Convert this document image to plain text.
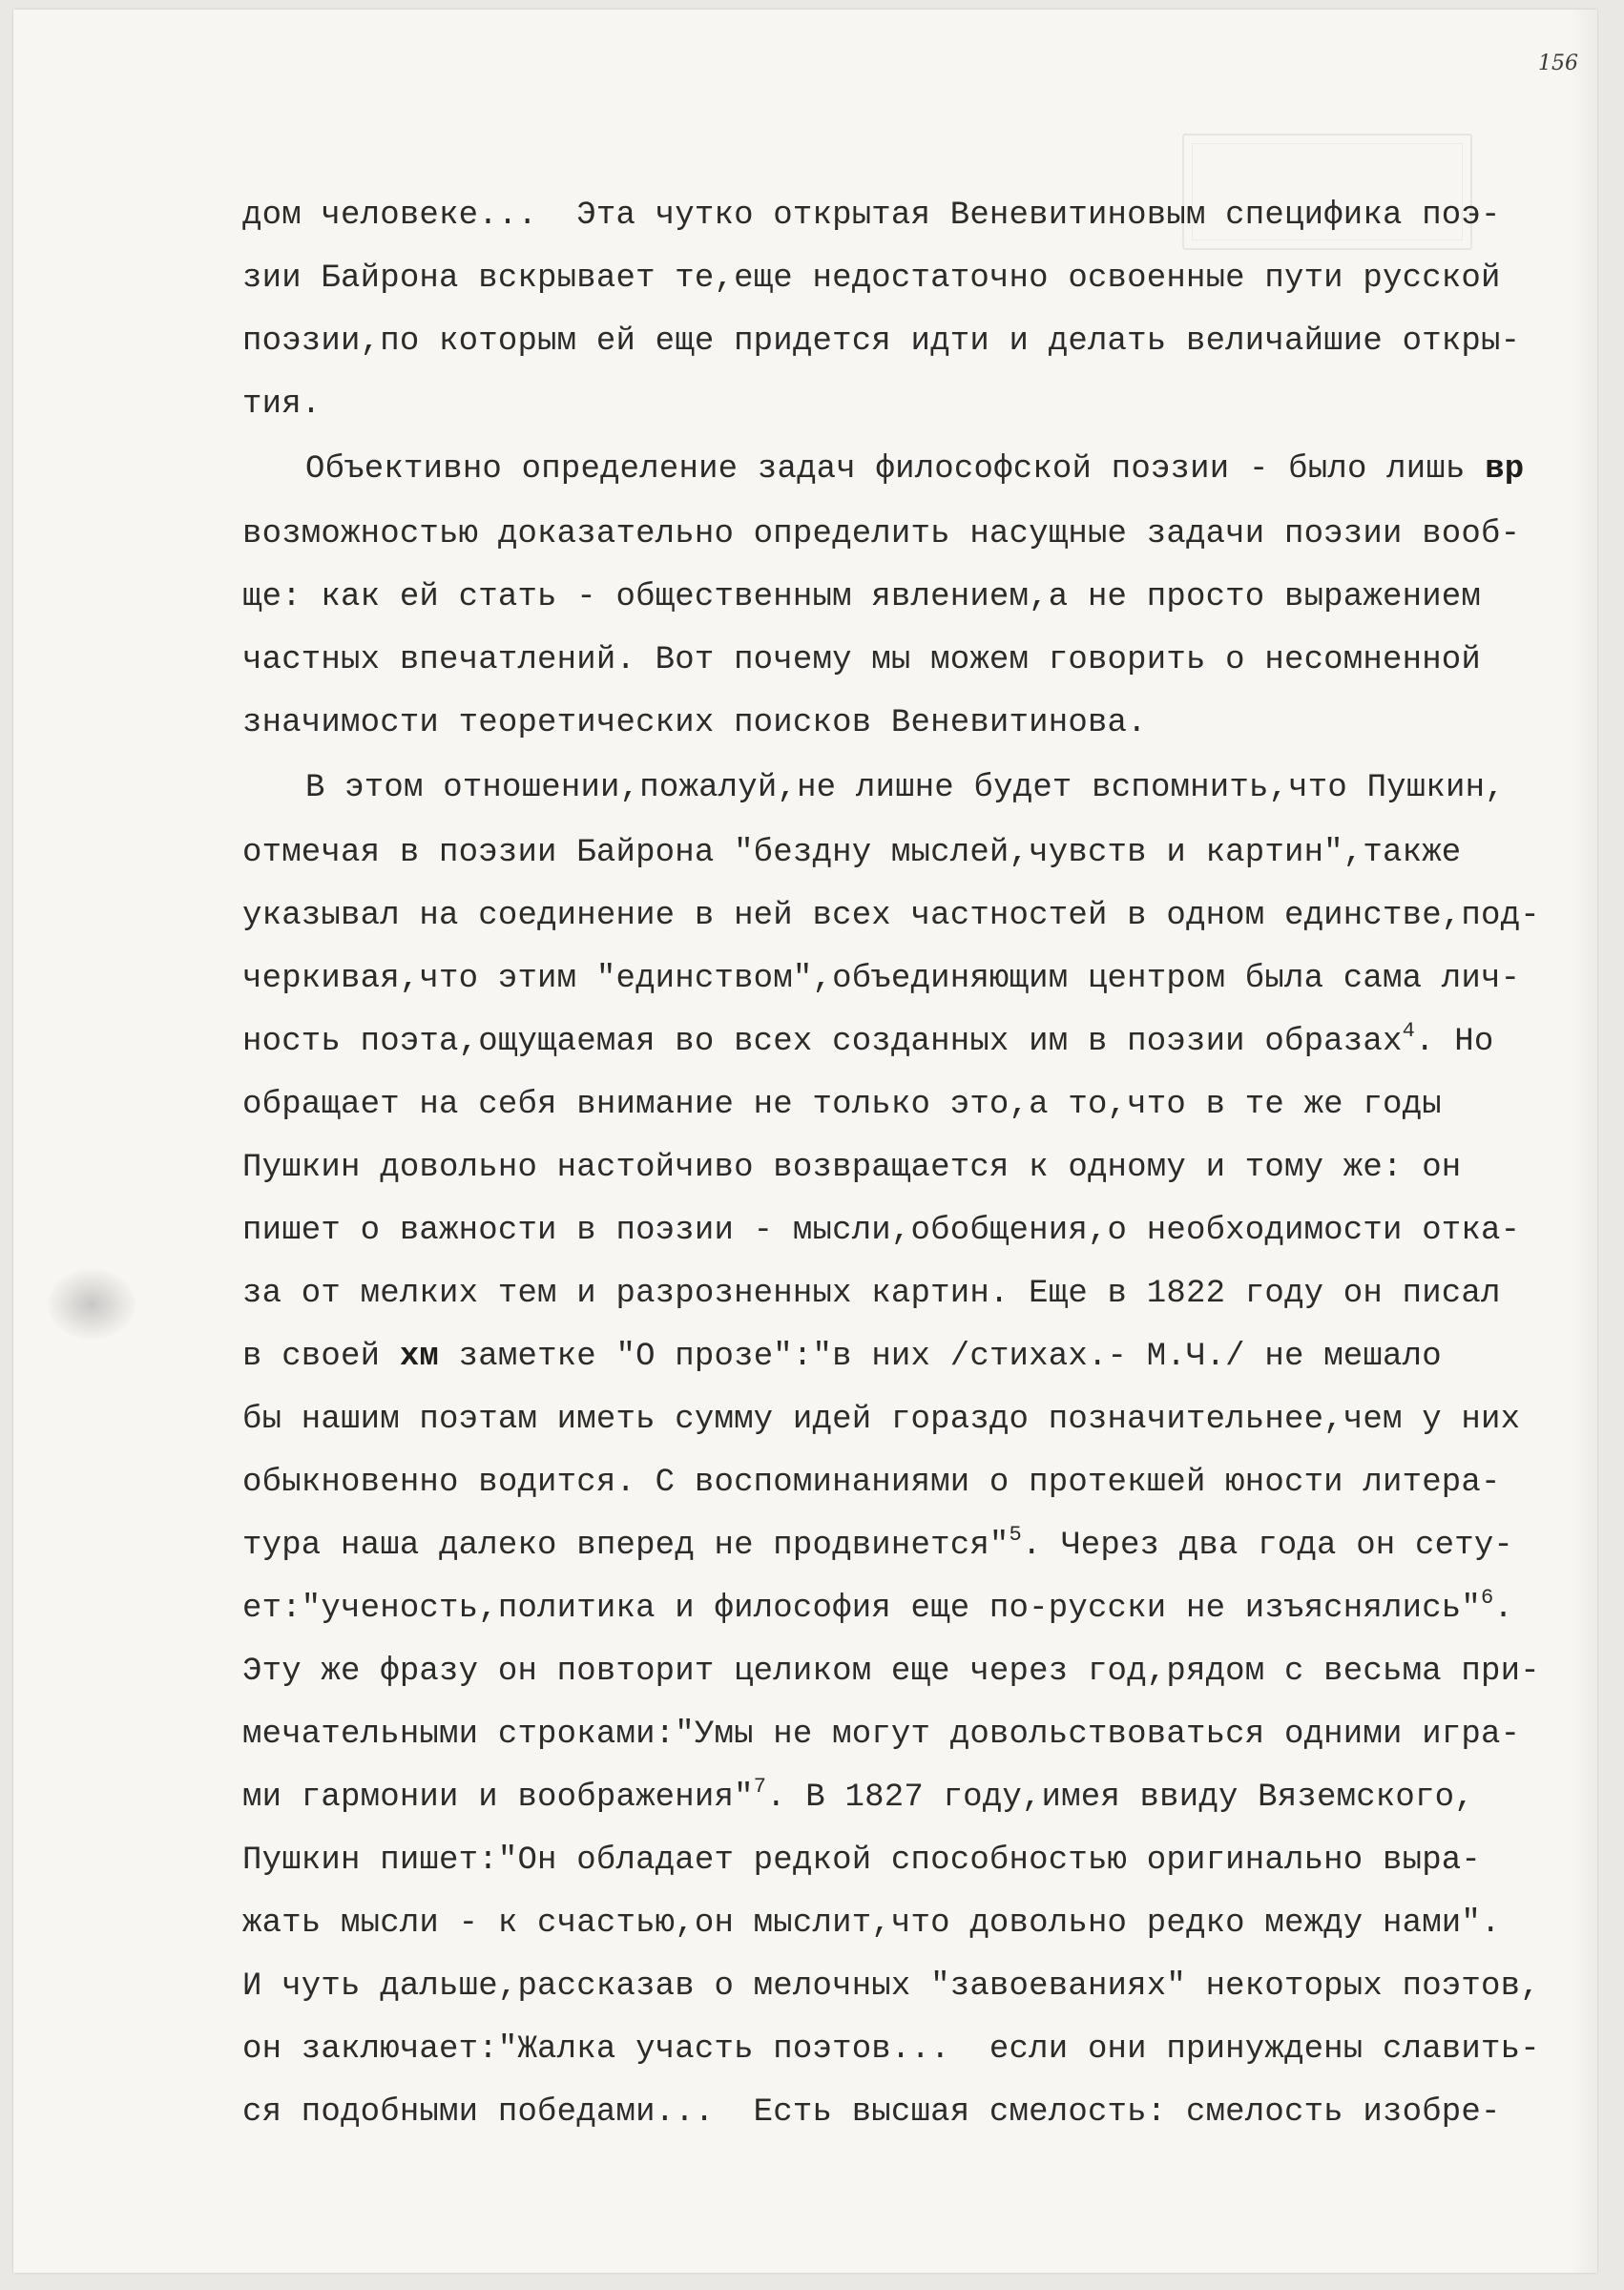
156
дом человеке...  Эта чутко открытая Веневитиновым специфика поэ-
зии Байрона вскрывает те,еще недостаточно освоенные пути русской
поэзии,по которым ей еще придется идти и делать величайшие откры-
тия.
Объективно определение задач философской поэзии - было лишь вр
возможностью доказательно определить насущные задачи поэзии вооб-
ще: как ей стать - общественным явлением,а не просто выражением
частных впечатлений. Вот почему мы можем говорить о несомненной
значимости теоретических поисков Веневитинова.
В этом отношении,пожалуй,не лишне будет вспомнить,что Пушкин,
отмечая в поэзии Байрона "бездну мыслей,чувств и картин",также
указывал на соединение в ней всех частностей в одном единстве,под-
черкивая,что этим "единством",объединяющим центром была сама лич-
ность поэта,ощущаемая во всех созданных им в поэзии образах$^4$. Но
обращает на себя внимание не только это,а то,что в те же годы
Пушкин довольно настойчиво возвращается к одному и тому же: он
пишет о важности в поэзии - мысли,обобщения,о необходимости отка-
за от мелких тем и разрозненных картин. Еще в 1822 году он писал
в своей хм заметке "О прозе":"в них /стихах.- М.Ч./ не мешало
бы нашим поэтам иметь сумму идей гораздо позначительнее,чем у них
обыкновенно водится. С воспоминаниями о протекшей юности литера-
тура наша далеко вперед не продвинется"$^5$. Через два года он сету-
ет:"ученость,политика и философия еще по-русски не изъяснялись"$^6$.
Эту же фразу он повторит целиком еще через год,рядом с весьма при-
мечательными строками:"Умы не могут довольствоваться одними игра-
ми гармонии и воображения"$^7$. В 1827 году,имея ввиду Вяземского,
Пушкин пишет:"Он обладает редкой способностью оригинально выра-
жать мысли - к счастью,он мыслит,что довольно редко между нами".
И чуть дальше,рассказав о мелочных "завоеваниях" некоторых поэтов,
он заключает:"Жалка участь поэтов...  если они принуждены славить-
ся подобными победами...  Есть высшая смелость: смелость изобре-
